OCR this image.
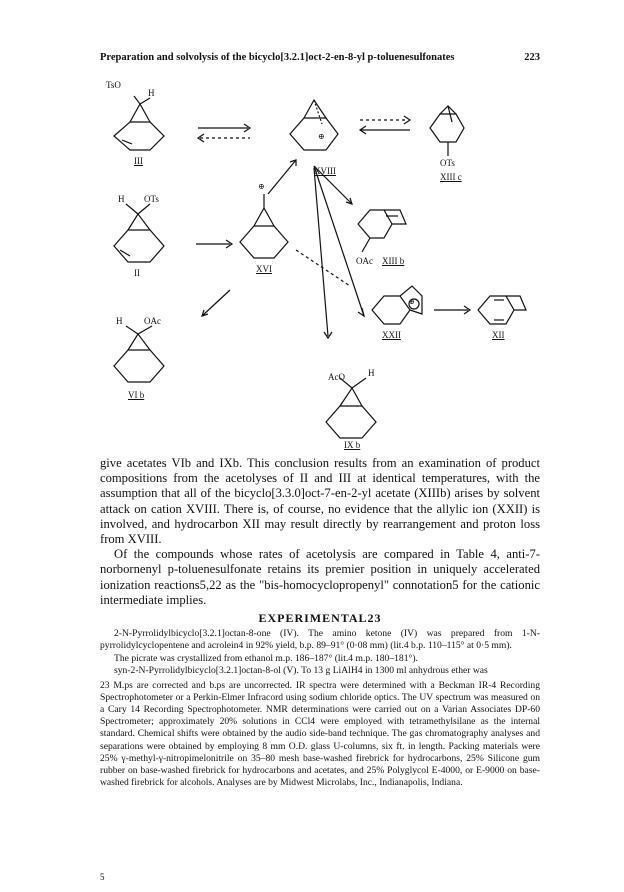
Preparation and solvolysis of the bicyclo[3.2.1]oct-2-en-8-yl p-toluenesulfonates	223
TsO
H
III
⊕
XVIII
OTs
XIII c
H OTs
II
⊕
XVI
OAc XIII b
⊕
XXII	XII
H OAc
VI b
AcO	H
IX b

give acetates VIb and IXb. This conclusion results from an examination of product compositions from the acetolyses of II and III at identical temperatures, with the assumption that all of the bicyclo[3.3.0]oct-7-en-2-yl acetate (XIIIb) arises by solvent attack on cation XVIII. There is, of course, no evidence that the allylic ion (XXII) is involved, and hydrocarbon XII may result directly by rearrangement and proton loss from XVIII.

Of the compounds whose rates of acetolysis are compared in Table 4, anti-7-norbornenyl p-toluenesulfonate retains its premier position in uniquely accelerated ionization reactions5,22 as the "bis-homocyclopropenyl" connotation5 for the cationic intermediate implies.

EXPERIMENTAL23

2-N-Pyrrolidylbicyclo[3.2.1]octan-8-one (IV). The amino ketone (IV) was prepared from 1-N-pyrrolidylcyclopentene and acrolein4 in 92% yield, b.p. 89–91° (0·08 mm) (lit.4 b.p. 110–115° at 0·5 mm).

The picrate was crystallized from ethanol m.p. 186–187° (lit.4 m.p. 180–181°).

syn-2-N-Pyrrolidylbicyclo[3.2.1]octan-8-ol (V). To 13 g LiAlH4 in 1300 ml anhydrous ether was

23 M.ps are corrected and b.ps are uncorrected. IR spectra were determined with a Beckman IR-4 Recording Spectrophotometer or a Perkin-Elmer Infracord using sodium chloride optics. The UV spectrum was measured on a Cary 14 Recording Spectrophotometer. NMR determinations were carried out on a Varian Associates DP-60 Spectrometer; approximately 20% solutions in CCl4 were employed with tetramethylsilane as the internal standard. Chemical shifts were obtained by the audio side-band technique. The gas chromatography analyses and separations were obtained by employing 8 mm O.D. glass U-columns, six ft. in length. Packing materials were 25% γ-methyl-γ-nitropimelonitrile on 35–80 mesh base-washed firebrick for hydrocarbons, 25% Silicone gum rubber on base-washed firebrick for hydrocarbons and acetates, and 25% Polyglycol E-4000, or E-9000 on base-washed firebrick for alcohols. Analyses are by Midwest Microlabs, Inc., Indianapolis, Indiana.

5
